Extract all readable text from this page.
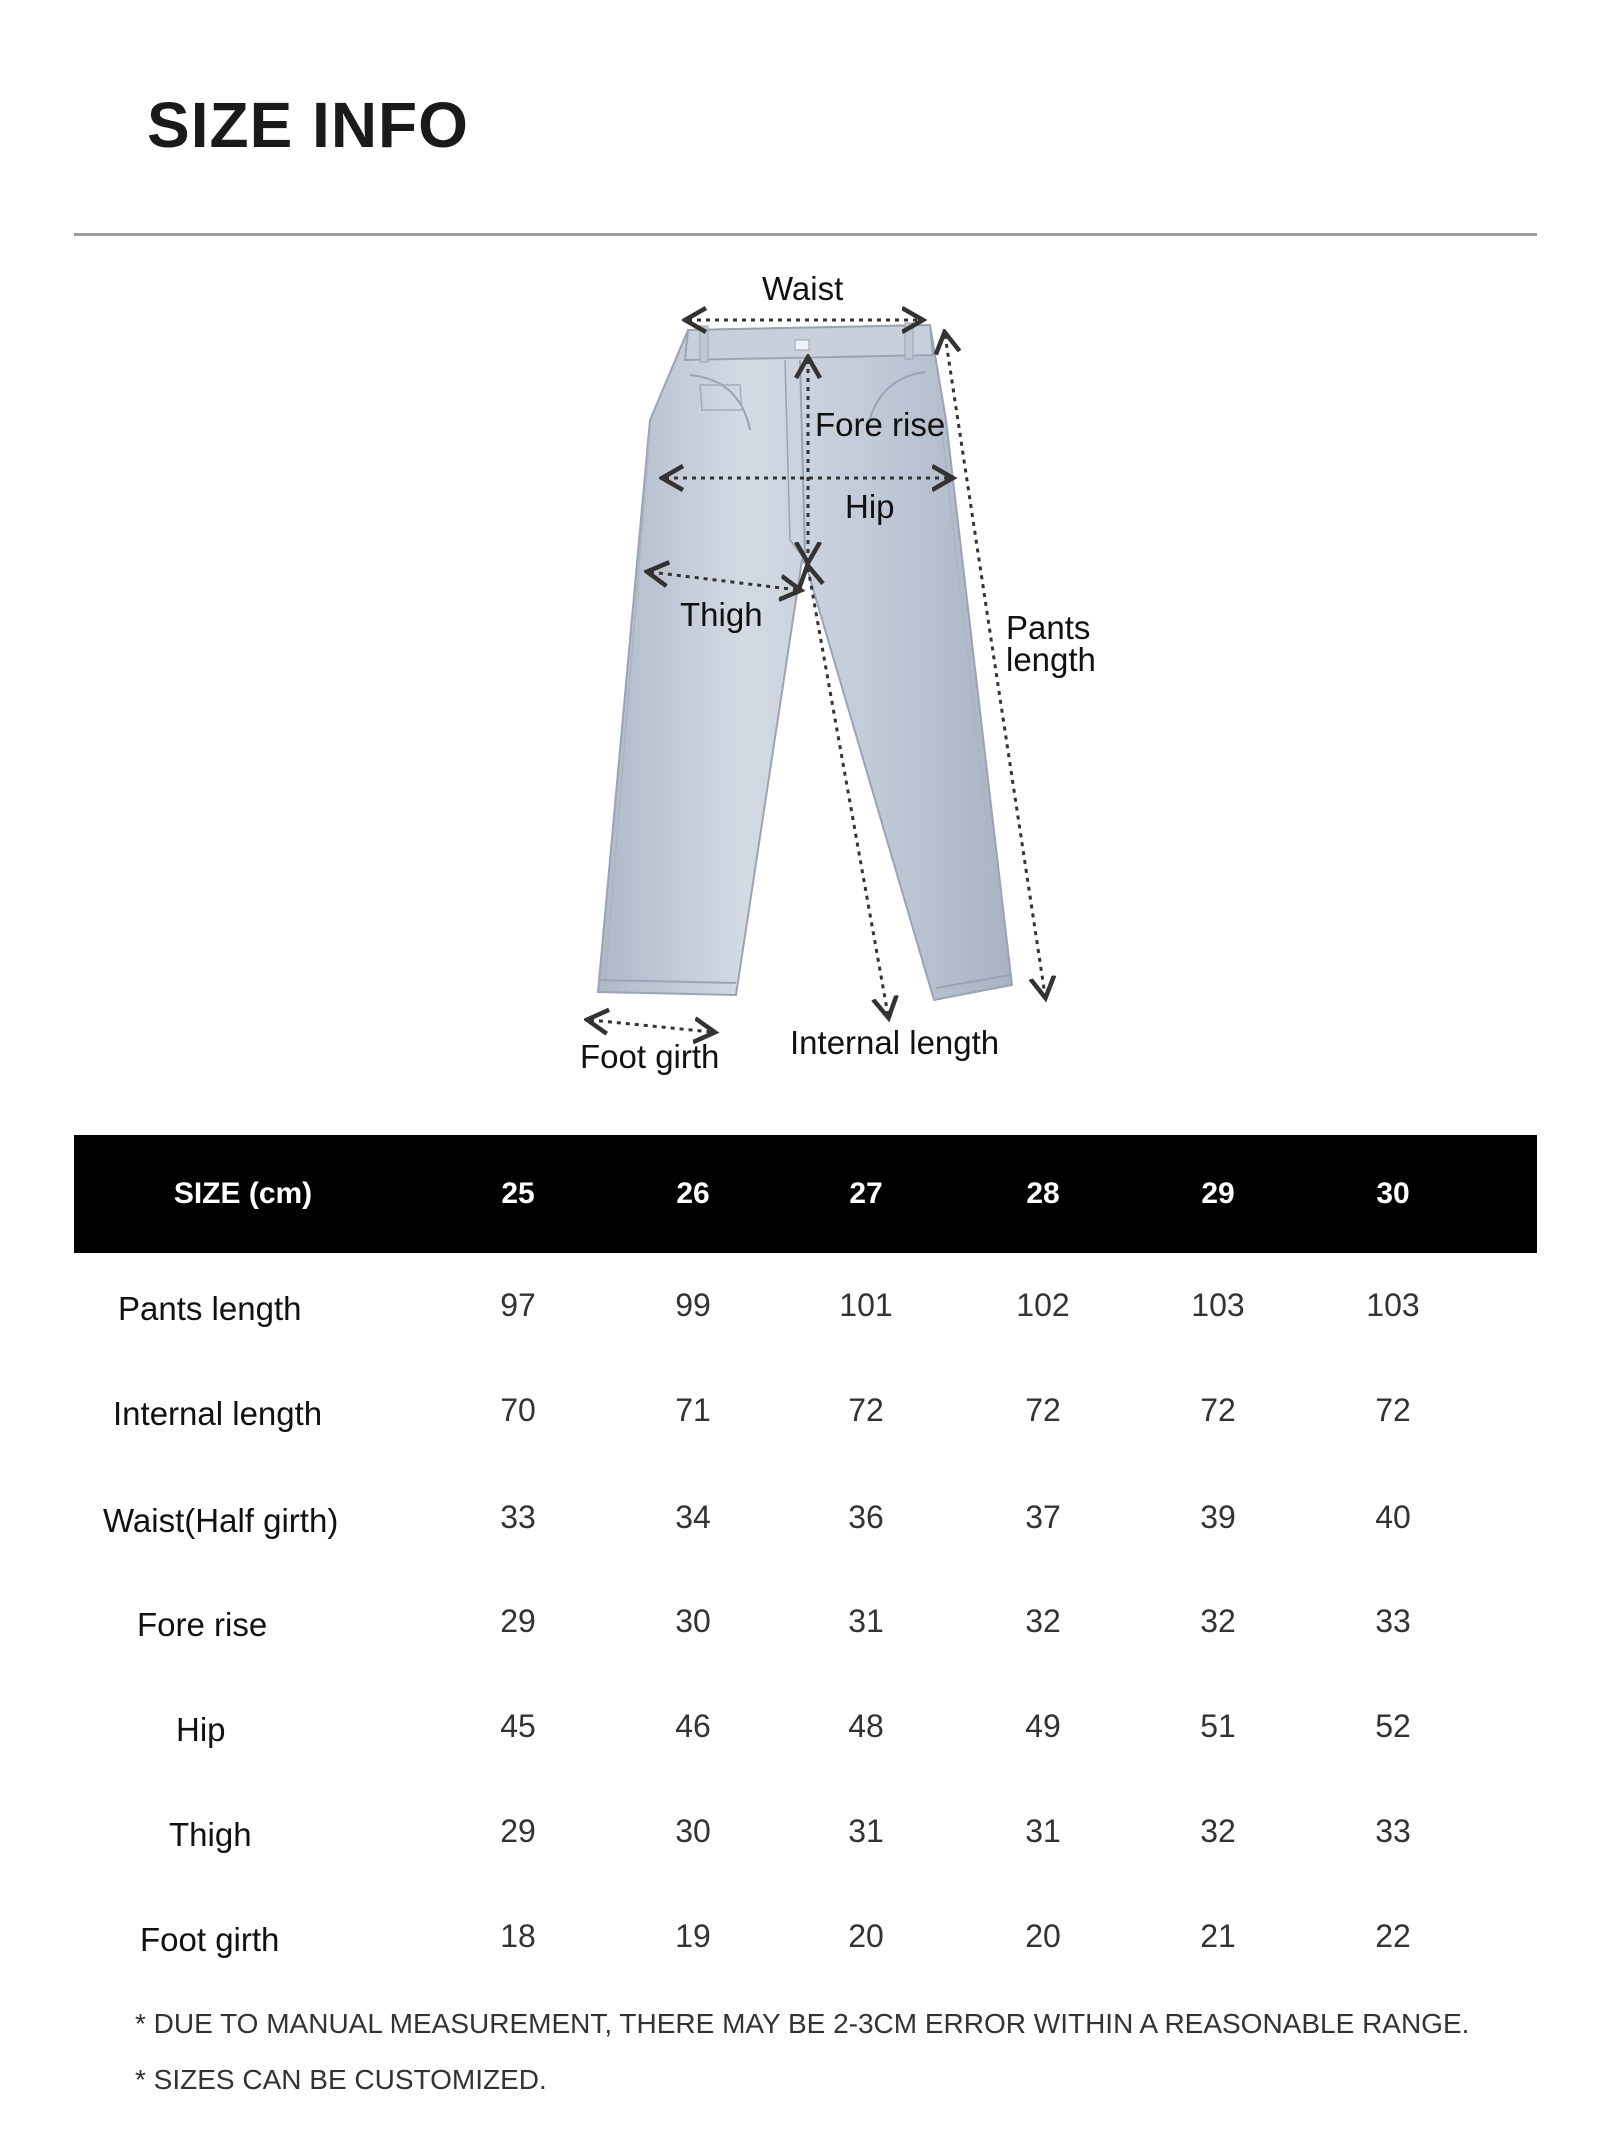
SIZE INFO
Waist
Fore rise
Hip
Thigh	Pants
length
Foot girth Internal length
SIZE (cm)	25	26	27	28	29	30
Pants length	97	99	101	102	103	103
Internal length	70	71	72	72	72	72
Waist(Half girth)	33	34	36	37	39	40
Fore rise	29	30	31	32	32	33
Hip	45	46	48	49	51	52
Thigh	29	30	31	31	32	33
Foot girth	18	19	20	20	21	22
* DUE TO MANUAL MEASUREMENT, THERE MAY BE 2-3CM ERROR WITHIN A REASONABLE RANGE.
* SIZES CAN BE CUSTOMIZED.
